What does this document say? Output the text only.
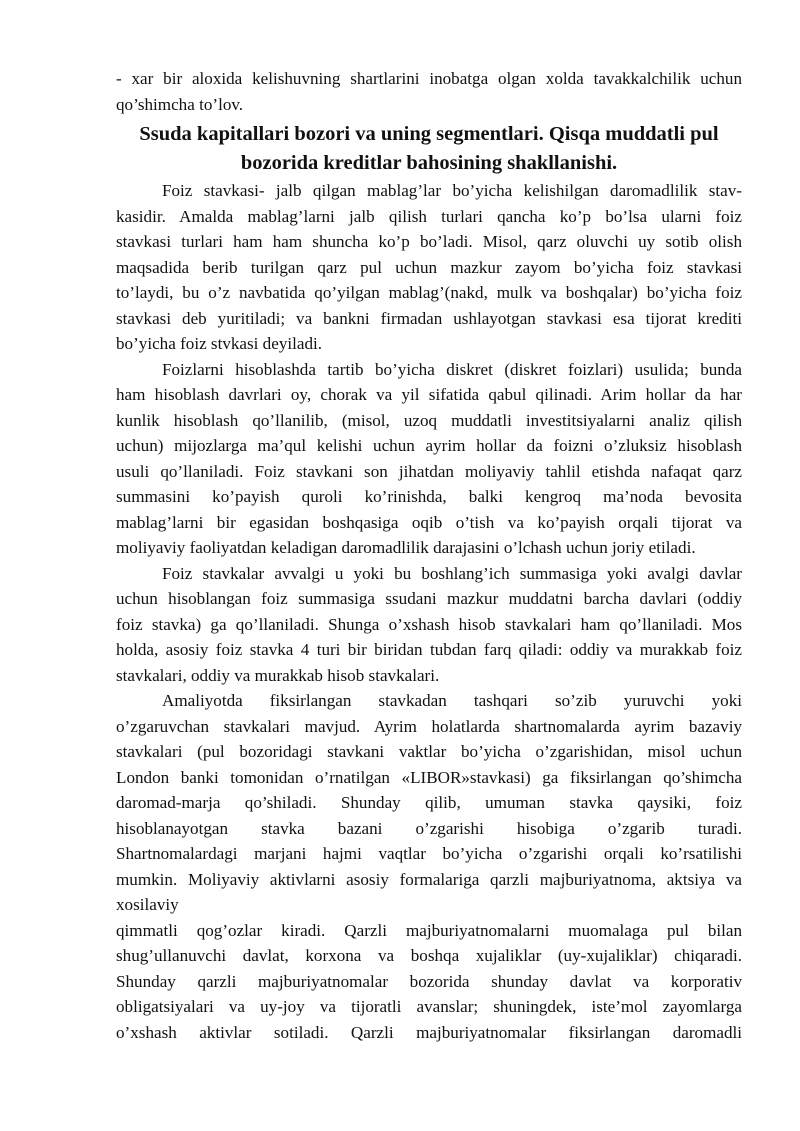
- xar bir aloxida kelishuvning shartlarini inobatga olgan xolda tavakkalchilik uchun
qo’shimcha to’lov.
Ssuda kapitallari bozori va uning segmentlari. Qisqa muddatli pul
bozorida kreditlar bahosining shakllanishi.
Foiz stavkasi- jalb qilgan mablag’lar bo’yicha kelishilgan daromadlilik stav-
kasidir. Amalda mablag’larni jalb qilish turlari qancha ko’p bo’lsa ularni foiz
stavkasi turlari ham ham shuncha ko’p bo’ladi. Misol, qarz oluvchi uy sotib olish
maqsadida berib turilgan qarz pul uchun mazkur zayom bo’yicha foiz stavkasi
to’laydi, bu o’z navbatida qo’yilgan mablag’(nakd, mulk va boshqalar) bo’yicha foiz
stavkasi deb yuritiladi; va bankni firmadan ushlayotgan stavkasi esa tijorat krediti
bo’yicha foiz stvkasi deyiladi.
Foizlarni hisoblashda tartib bo’yicha diskret (diskret foizlari) usulida; bunda
ham hisoblash davrlari oy, chorak va yil sifatida qabul qilinadi. Arim hollar da har
kunlik hisoblash qo’llanilib, (misol, uzoq muddatli investitsiyalarni analiz qilish
uchun) mijozlarga ma’qul kelishi uchun ayrim hollar da foizni o’zluksiz hisoblash
usuli qo’llaniladi. Foiz stavkani son jihatdan moliyaviy tahlil etishda nafaqat qarz
summasini ko’payish quroli ko’rinishda, balki kengroq ma’noda bevosita
mablag’larni bir egasidan boshqasiga oqib o’tish va ko’payish orqali tijorat va
moliyaviy faoliyatdan keladigan daromadlilik darajasini o’lchash uchun joriy etiladi.
Foiz stavkalar avvalgi u yoki bu boshlang’ich summasiga yoki avalgi davlar
uchun hisoblangan foiz summasiga ssudani mazkur muddatni barcha davlari (oddiy
foiz stavka) ga qo’llaniladi. Shunga o’xshash hisob stavkalari ham qo’llaniladi. Mos
holda, asosiy foiz stavka 4 turi bir biridan tubdan farq qiladi: oddiy va murakkab foiz
stavkalari, oddiy va murakkab hisob stavkalari.
Amaliyotda fiksirlangan stavkadan tashqari so’zib yuruvchi yoki
o’zgaruvchan stavkalari mavjud. Ayrim holatlarda shartnomalarda ayrim bazaviy
stavkalari (pul bozoridagi stavkani vaktlar bo’yicha o’zgarishidan, misol uchun
London banki tomonidan o’rnatilgan «LIBOR»stavkasi) ga fiksirlangan qo’shimcha
daromad-marja qo’shiladi. Shunday qilib, umuman stavka qaysiki, foiz
hisoblanayotgan stavka bazani o’zgarishi hisobiga o’zgarib turadi.
Shartnomalardagi marjani hajmi vaqtlar bo’yicha o’zgarishi orqali ko’rsatilishi
mumkin. Moliyaviy aktivlarni asosiy formalariga qarzli majburiyatnoma, aktsiya va
xosilaviy
qimmatli qog’ozlar kiradi. Qarzli majburiyatnomalarni muomalaga pul bilan
shug’ullanuvchi davlat, korxona va boshqa xujaliklar (uy-xujaliklar) chiqaradi.
Shunday qarzli majburiyatnomalar bozorida shunday davlat va korporativ
obligatsiyalari va uy-joy va tijoratli avanslar; shuningdek, iste’mol zayomlarga
o’xshash aktivlar sotiladi. Qarzli majburiyatnomalar fiksirlangan daromadli
